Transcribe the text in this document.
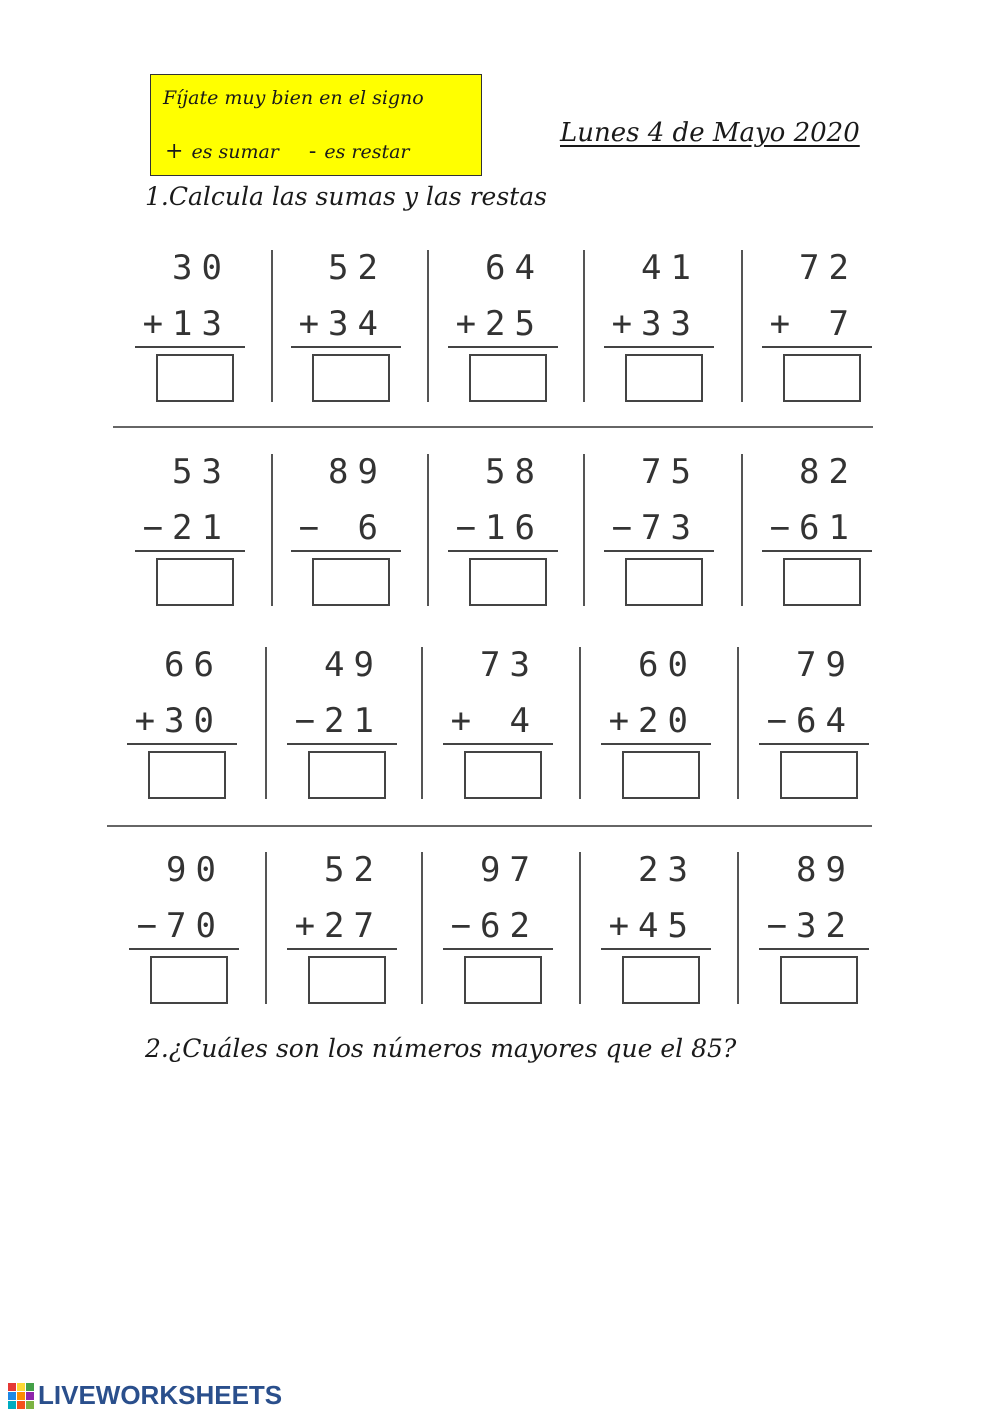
Fíjate muy bien en el signo
+ es sumar - es restar
Lunes 4 de Mayo 2020
1.Calcula las sumas y las restas
30
+13
52
+34
64
+25
41
+33
72
+ 7
53
−21
89
− 6
58
−16
75
−73
82
−61
66
+30
49
−21
73
+ 4
60
+20
79
−64
90
−70
52
+27
97
−62
23
+45
89
−32
2.¿Cuáles son los números mayores que el 85?
LIVEWORKSHEETS
